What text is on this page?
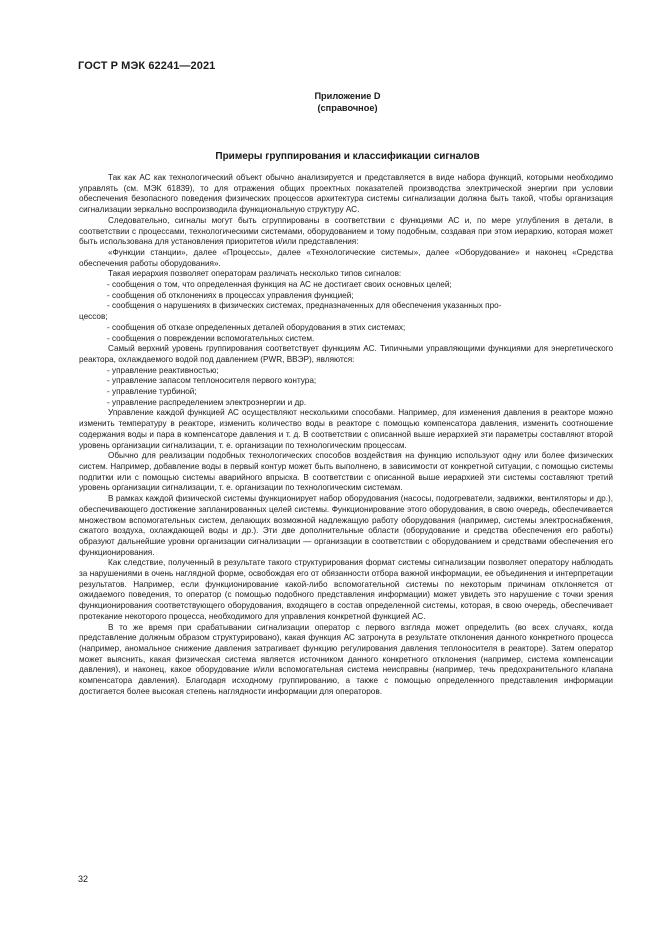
ГОСТ Р МЭК 62241—2021
Приложение D
(справочное)
Примеры группирования и классификации сигналов

Так как АС как технологический объект обычно анализируется и представляется в виде набора функций, которыми необходимо управлять (см. МЭК 61839), то для отражения общих проектных показателей производства электрической энергии при условии обеспечения безопасного поведения физических процессов архитектура системы сигнализации должна быть такой, чтобы организация сигнализации зеркально воспроизводила функциональную структуру АС.

Следовательно, сигналы могут быть сгруппированы в соответствии с функциями АС и, по мере углубления в детали, в соответствии с процессами, технологическими системами, оборудованием и тому подобным, создавая при этом иерархию, которая может быть использована для установления приоритетов и/или представления:

«Функции станции», далее «Процессы», далее «Технологические системы», далее «Оборудование» и наконец «Средства обеспечения работы оборудования».

Такая иерархия позволяет операторам различать несколько типов сигналов:

- сообщения о том, что определенная функция на АС не достигает своих основных целей;
- сообщения об отклонениях в процессах управления функцией;
- сообщения о нарушениях в физических системах, предназначенных для обеспечения указанных про-
цессов;
- сообщения об отказе определенных деталей оборудования в этих системах;
- сообщения о повреждении вспомогательных систем.

Самый верхний уровень группирования соответствует функциям АС. Типичными управляющими функциями для энергетического реактора, охлаждаемого водой под давлением (PWR, ВВЭР), являются:

- управление реактивностью;
- управление запасом теплоносителя первого контура;
- управление турбиной;
- управление распределением электроэнергии и др.

Управление каждой функцией АС осуществляют несколькими способами. Например, для изменения давления в реакторе можно изменить температуру в реакторе, изменить количество воды в реакторе с помощью компенсатора давления, изменить соотношение содержания воды и пара в компенсаторе давления и т. д. В соответствии с описанной выше иерархией эти параметры составляют второй уровень организации сигнализации, т. е. организации по технологическим процессам.

Обычно для реализации подобных технологических способов воздействия на функцию используют одну или более физических систем. Например, добавление воды в первый контур может быть выполнено, в зависимости от конкретной ситуации, с помощью системы подпитки или с помощью системы аварийного впрыска. В соответствии с описанной выше иерархией эти системы составляют третий уровень организации сигнализации, т. е. организации по технологическим системам.

В рамках каждой физической системы функционирует набор оборудования (насосы, подогреватели, задвижки, вентиляторы и др.), обеспечивающего достижение запланированных целей системы. Функционирование этого оборудования, в свою очередь, обеспечивается множеством вспомогательных систем, делающих возможной надлежащую работу оборудования (например, системы электроснабжения, сжатого воздуха, охлаждающей воды и др.). Эти две дополнительные области (оборудование и средства обеспечения его работы) образуют дальнейшие уровни организации сигнализации — организации в соответствии с оборудованием и средствами обеспечения его функционирования.

Как следствие, полученный в результате такого структурирования формат системы сигнализации позволяет оператору наблюдать за нарушениями в очень наглядной форме, освобождая его от обязанности отбора важной информации, ее объединения и интерпретации результатов. Например, если функционирование какой-либо вспомогательной системы по некоторым причинам отклоняется от ожидаемого поведения, то оператор (с помощью подобного представления информации) может увидеть это нарушение с точки зрения функционирования соответствующего оборудования, входящего в состав определенной системы, которая, в свою очередь, обеспечивает протекание некоторого процесса, необходимого для управления конкретной функцией АС.

В то же время при срабатывании сигнализации оператор с первого взгляда может определить (во всех случаях, когда представление должным образом структурировано), какая функция АС затронута в результате отклонения данного конкретного процесса (например, аномальное снижение давления затрагивает функцию регулирования давления теплоносителя в реакторе). Затем оператор может выяснить, какая физическая система является источником данного конкретного отклонения (например, система компенсации давления), и наконец, какое оборудование и/или вспомогательная система неисправны (например, течь предохранительного клапана компенсатора давления). Благодаря исходному группированию, а также с помощью определенного представления информации достигается более высокая степень наглядности информации для операторов.

32
